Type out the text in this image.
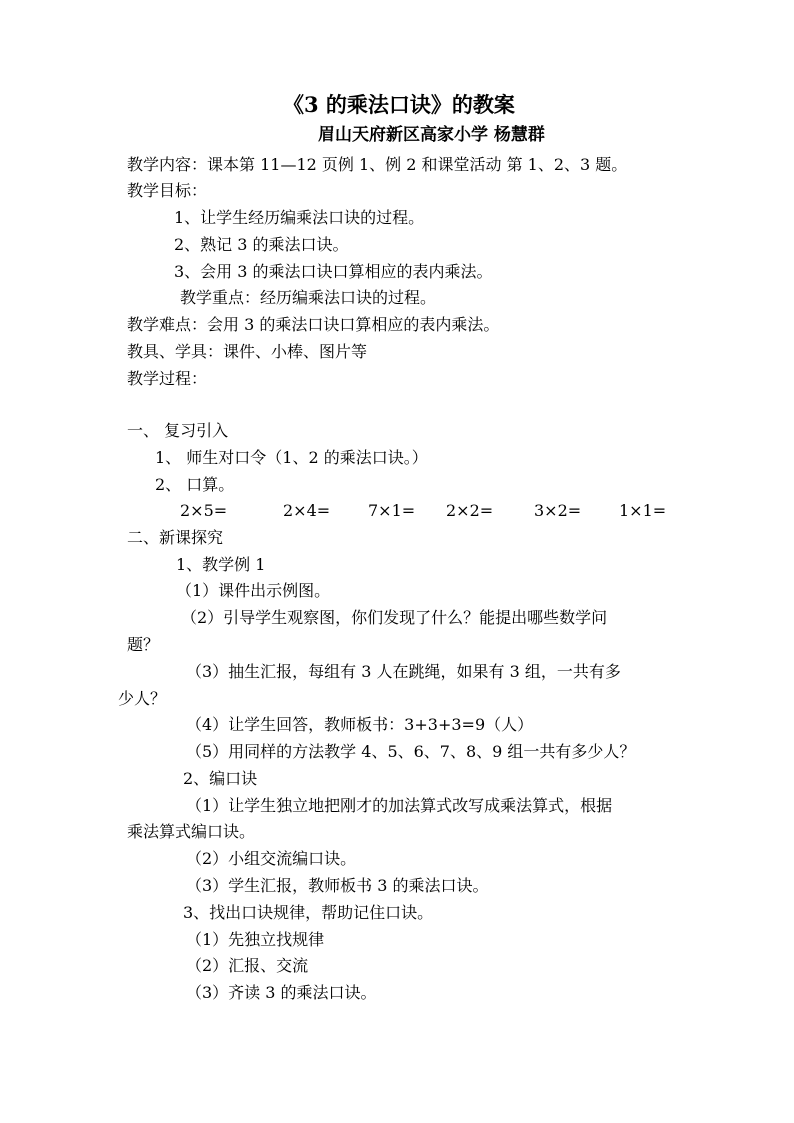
《3 的乘法口诀》的教案
眉山天府新区高家小学 杨慧群
教学内容：课本第 11—12 页例 1、例 2 和课堂活动 第 1、2、3 题。
教学目标：
1、让学生经历编乘法口诀的过程。
2、熟记 3 的乘法口诀。
3、会用 3 的乘法口诀口算相应的表内乘法。
教学重点：经历编乘法口诀的过程。
教学难点：会用 3 的乘法口诀口算相应的表内乘法。
教具、学具：课件、小棒、图片等
教学过程：
一、 复习引入
1、 师生对口令（1、2 的乘法口诀。）
2、 口算。
2×5=	2×4= 7×1= 2×2=	3×2= 1×1=
二、新课探究
1、教学例 1
（1）课件出示例图。
（2）引导学生观察图，你们发现了什么？能提出哪些数学问
题？
（3）抽生汇报，每组有 3 人在跳绳，如果有 3 组，一共有多
少人？
（4）让学生回答，教师板书：3+3+3=9（人）
（5）用同样的方法教学 4、5、6、7、8、9 组一共有多少人？
2、编口诀
（1）让学生独立地把刚才的加法算式改写成乘法算式，根据
乘法算式编口诀。
（2）小组交流编口诀。
（3）学生汇报，教师板书 3 的乘法口诀。
3、找出口诀规律，帮助记住口诀。
（1）先独立找规律
（2）汇报、交流
（3）齐读 3 的乘法口诀。
